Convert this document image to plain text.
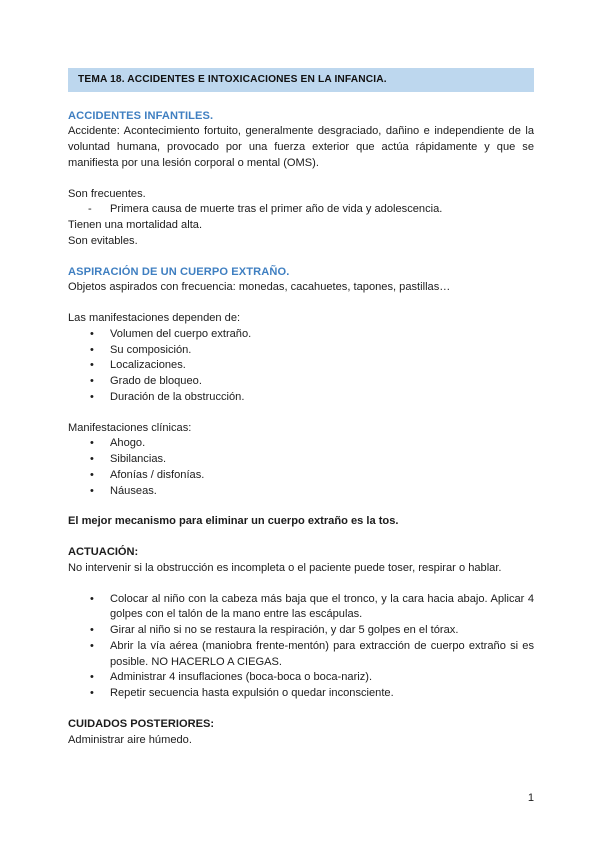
TEMA 18. ACCIDENTES E INTOXICACIONES EN LA INFANCIA.
ACCIDENTES INFANTILES.

Accidente: Acontecimiento fortuito, generalmente desgraciado, dañino e independiente de la voluntad humana, provocado por una fuerza exterior que actúa rápidamente y que se manifiesta por una lesión corporal o mental (OMS).

Son frecuentes.

- Primera causa de muerte tras el primer año de vida y adolescencia.

Tienen una mortalidad alta.

Son evitables.

ASPIRACIÓN DE UN CUERPO EXTRAÑO.

Objetos aspirados con frecuencia: monedas, cacahuetes, tapones, pastillas…

Las manifestaciones dependen de:

• Volumen del cuerpo extraño.
• Su composición.
• Localizaciones.
• Grado de bloqueo.
• Duración de la obstrucción.

Manifestaciones clínicas:

• Ahogo.
• Sibilancias.
• Afonías / disfonías.
• Náuseas.

El mejor mecanismo para eliminar un cuerpo extraño es la tos.

ACTUACIÓN:

No intervenir si la obstrucción es incompleta o el paciente puede toser, respirar o hablar.

• Colocar al niño con la cabeza más baja que el tronco, y la cara hacia abajo. Aplicar 4 golpes con el talón de la mano entre las escápulas.
• Girar al niño si no se restaura la respiración, y dar 5 golpes en el tórax.
• Abrir la vía aérea (maniobra frente-mentón) para extracción de cuerpo extraño si es posible. NO HACERLO A CIEGAS.
• Administrar 4 insuflaciones (boca-boca o boca-nariz).
• Repetir secuencia hasta expulsión o quedar inconsciente.

CUIDADOS POSTERIORES:

Administrar aire húmedo.

1
